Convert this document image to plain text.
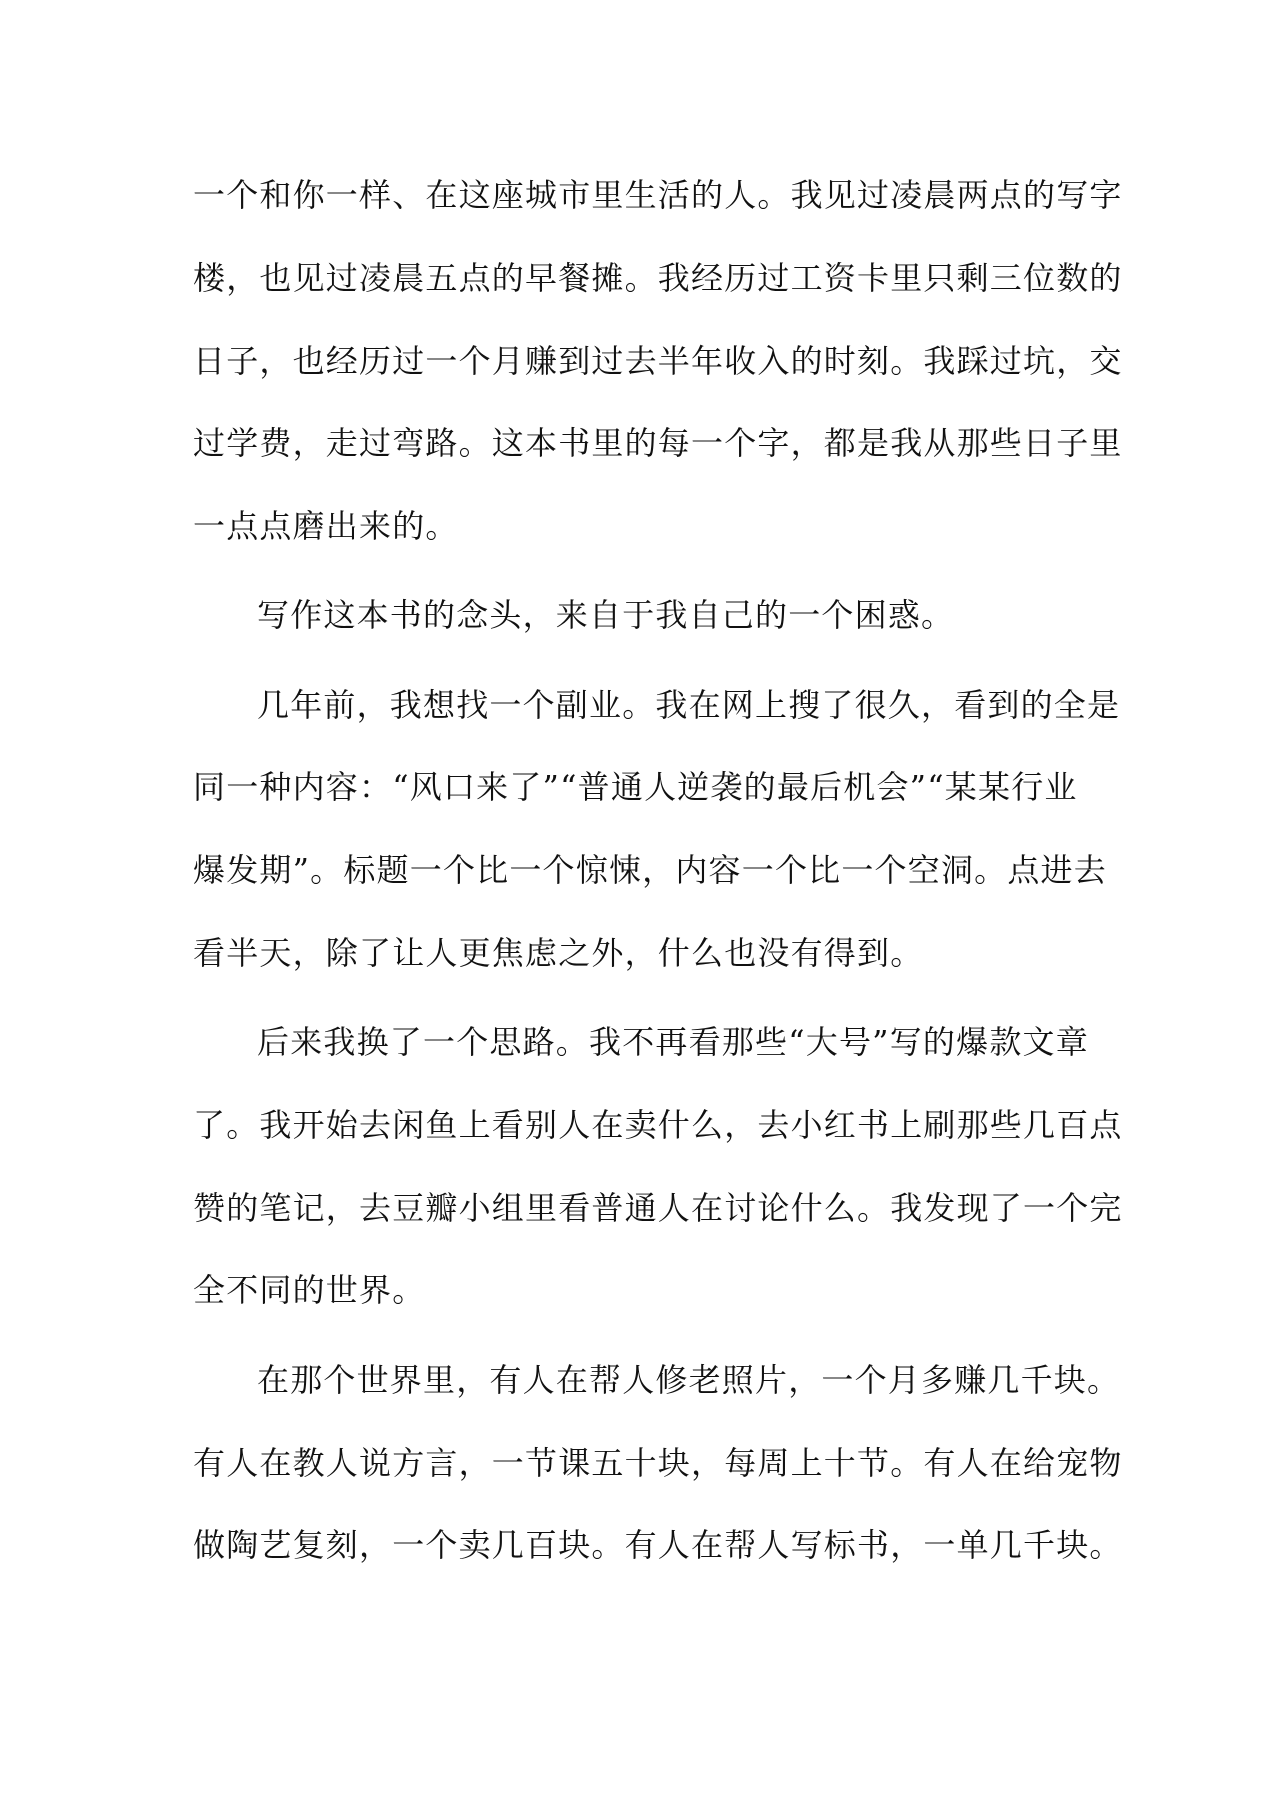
一个和你一样、在这座城市里生活的人。我见过凌晨两点的写字
楼，也见过凌晨五点的早餐摊。我经历过工资卡里只剩三位数的
日子，也经历过一个月赚到过去半年收入的时刻。我踩过坑，交
过学费，走过弯路。这本书里的每一个字，都是我从那些日子里
一点点磨出来的。
写作这本书的念头，来自于我自己的一个困惑。
几年前，我想找一个副业。我在网上搜了很久，看到的全是
同一种内容：“风口来了”“普通人逆袭的最后机会”“某某行业
爆发期”。标题一个比一个惊悚，内容一个比一个空洞。点进去
看半天，除了让人更焦虑之外，什么也没有得到。
后来我换了一个思路。我不再看那些“大号”写的爆款文章
了。我开始去闲鱼上看别人在卖什么，去小红书上刷那些几百点
赞的笔记，去豆瓣小组里看普通人在讨论什么。我发现了一个完
全不同的世界。
在那个世界里，有人在帮人修老照片，一个月多赚几千块。
有人在教人说方言，一节课五十块，每周上十节。有人在给宠物
做陶艺复刻，一个卖几百块。有人在帮人写标书，一单几千块。
